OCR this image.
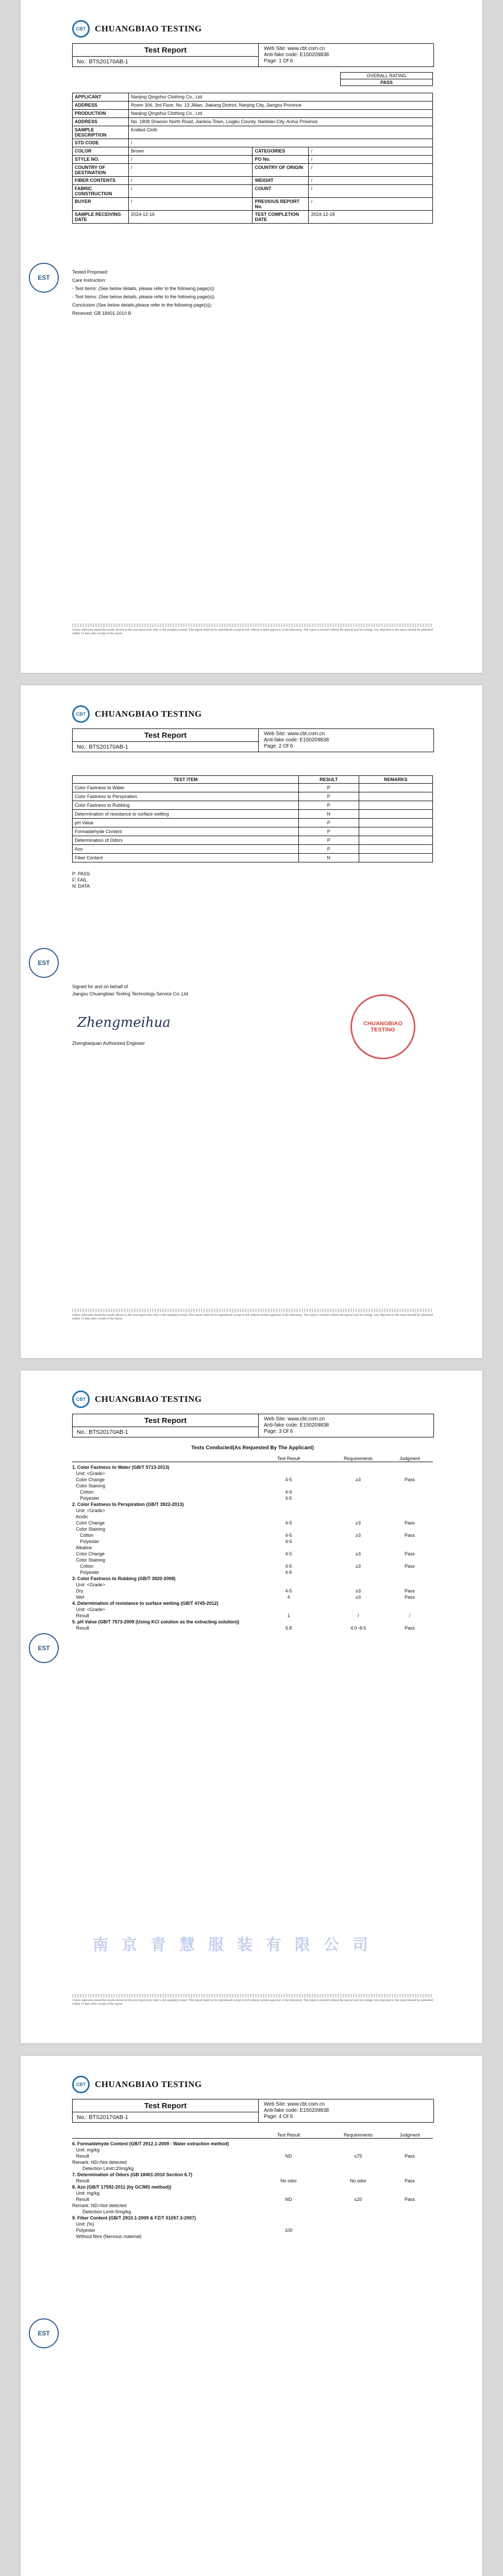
CBT	CHUANGBIAO TESTING
Test Report
No.:
BTS20170AB-1
Web Site: www.cbt.com.cn
Anti-fake code: E150209838
Page: 1 Of 6
OVERALL RATING
PASS
APPLICANT	Nanjing Qingshui Clothing Co., Ltd		
ADDRESS	Room 306, 3rd Floor, No. 13 Jillian, Jiakang District, Nanjing City, Jiangsu Province		
PRODUCTION	Nanjing Qingshui Clothing Co., Ltd		
ADDRESS	No. 1808 Shaoxin North Road, Jiankou Town, Liugku County, Nanbian City, Anhui Province		
SAMPLE DESCRIPTION	Knitted Cloth		
STD CODE	/		
COLOR	Brown	CATEGORIES	/
STYLE NO.	/	PO No.	/
COUNTRY OF DESTINATION	/	COUNTRY OF ORIGIN	/
FIBER CONTENTS	/	WEIGHT	/
FABRIC CONSTRUCTION	/	COUNT	/
BUYER	/	PREVIOUS REPORT No.	/
SAMPLE RECEIVING DATE	2024-12-16	TEST COMPLETION DATE	2024-12-18
Tested Proposed:
Care Instruction:
- Test items: (See below details, please refer to the following page(s))
- Test Items: (See below details, please refer to the following page(s))
Conclusion (See below details,please refer to the following page(s)):
Received: GB 18401-2010 B
EST
Unless otherwise stated the results shown in this test report refer only to the sample(s) tested. This report shall not be reproduced except in full without written approval of the laboratory. The report is invalid without the special seal for testing. Any objection to the report should be submitted within 15 days after receipt of the report.
CBT	CHUANGBIAO TESTING
Test Report
No.:
BTS20170AB-1
Web Site: www.cbt.com.cn
Anti-fake code: E150209838
Page: 2 Of 6
TEST ITEM	RESULT	REMARKS
Color Fastness to Water	P	
Color Fastness to Perspiration	P	
Color Fastness to Rubbing	P	
Determination of resistance to surface wetting	N	
pH Value	P	
Formaldehyde Content	P	
Determination of Odors	P	
Azo	P	
Fiber Content	N	
P: PASS
F: FAIL
N: DATA
Signed for and on behalf of
Jiangsu Chuangbiao Testing Technology Service Co.,Ltd
Zhengmeihua
Zhengbaojuan Authorized Engineer
CHUANGBIAO TESTING
EST
Unless otherwise stated the results shown in this test report refer only to the sample(s) tested. This report shall not be reproduced except in full without written approval of the laboratory. The report is invalid without the special seal for testing. Any objection to the report should be submitted within 15 days after receipt of the report.
CBT	CHUANGBIAO TESTING
Test Report
No.:
BTS20170AB-1
Web Site: www.cbt.com.cn
Anti-fake code: E150209838
Page: 3 Of 6
Tests Conducted(As Requested By The Applicant)
Test Result	Requirements	Judgment
1. Color Fastness to Water (GB/T 5713-2013)
Unit: <Grade>
Color Change	4-5	≥3	Pass
Color Staining
Cotton	4-5
Polyester	4-5
2. Color Fastness to Perspiration (GB/T 3922-2013)
Unit: <Grade>
Acidic
Color Change	4-5	≥3	Pass
Color Staining
Cotton	4-5	≥3	Pass
Polyester	4-5
Alkaline
Color Change	4-5	≥3	Pass
Color Staining
Cotton	4-5	≥3	Pass
Polyester	4-5
3. Color Fastness to Rubbing (GB/T 3920-2008)
Unit: <Grade>
Dry	4-5	≥3	Pass
Wet	4	≥3	Pass
4. Determination of resistance to surface wetting (GB/T 4745-2012)
Unit: <Grade>
Result	1	/	/
5. pH Value (GB/T 7573-2009 (Using KCl solution as the extracting solution))
Result	5.8	4.0~8.5	Pass
南京青慧服装有限公司
EST
Unless otherwise stated the results shown in this test report refer only to the sample(s) tested. This report shall not be reproduced except in full without written approval of the laboratory. The report is invalid without the special seal for testing. Any objection to the report should be submitted within 15 days after receipt of the report.
CBT	CHUANGBIAO TESTING
Test Report
No.:
BTS20170AB-1
Web Site: www.cbt.com.cn
Anti-fake code: E150209838
Page: 4 Of 6
Test Result	Requirements	Judgment
6. Formaldehyde Content (GB/T 2912.1-2009 - Water extraction method)
Unit: mg/kg
Result	ND	≤75	Pass
Remark: ND=Not detected
Detection Limit=20mg/kg
7. Determination of Odors (GB 18401-2010 Section 6.7)
Result	No odor	No odor	Pass
8. Azo (GB/T 17592-2011 (by GC/MS method))
Unit: mg/kg
Result	ND	≤20	Pass
Remark: ND=Not detected
Detection Limit=5mg/kg
9. Fiber Content (GB/T 2910.1-2009 & FZ/T 01057.3-2007)
Unit: (%)
Polyester	100
Without fibre (Nervous material)
EST
